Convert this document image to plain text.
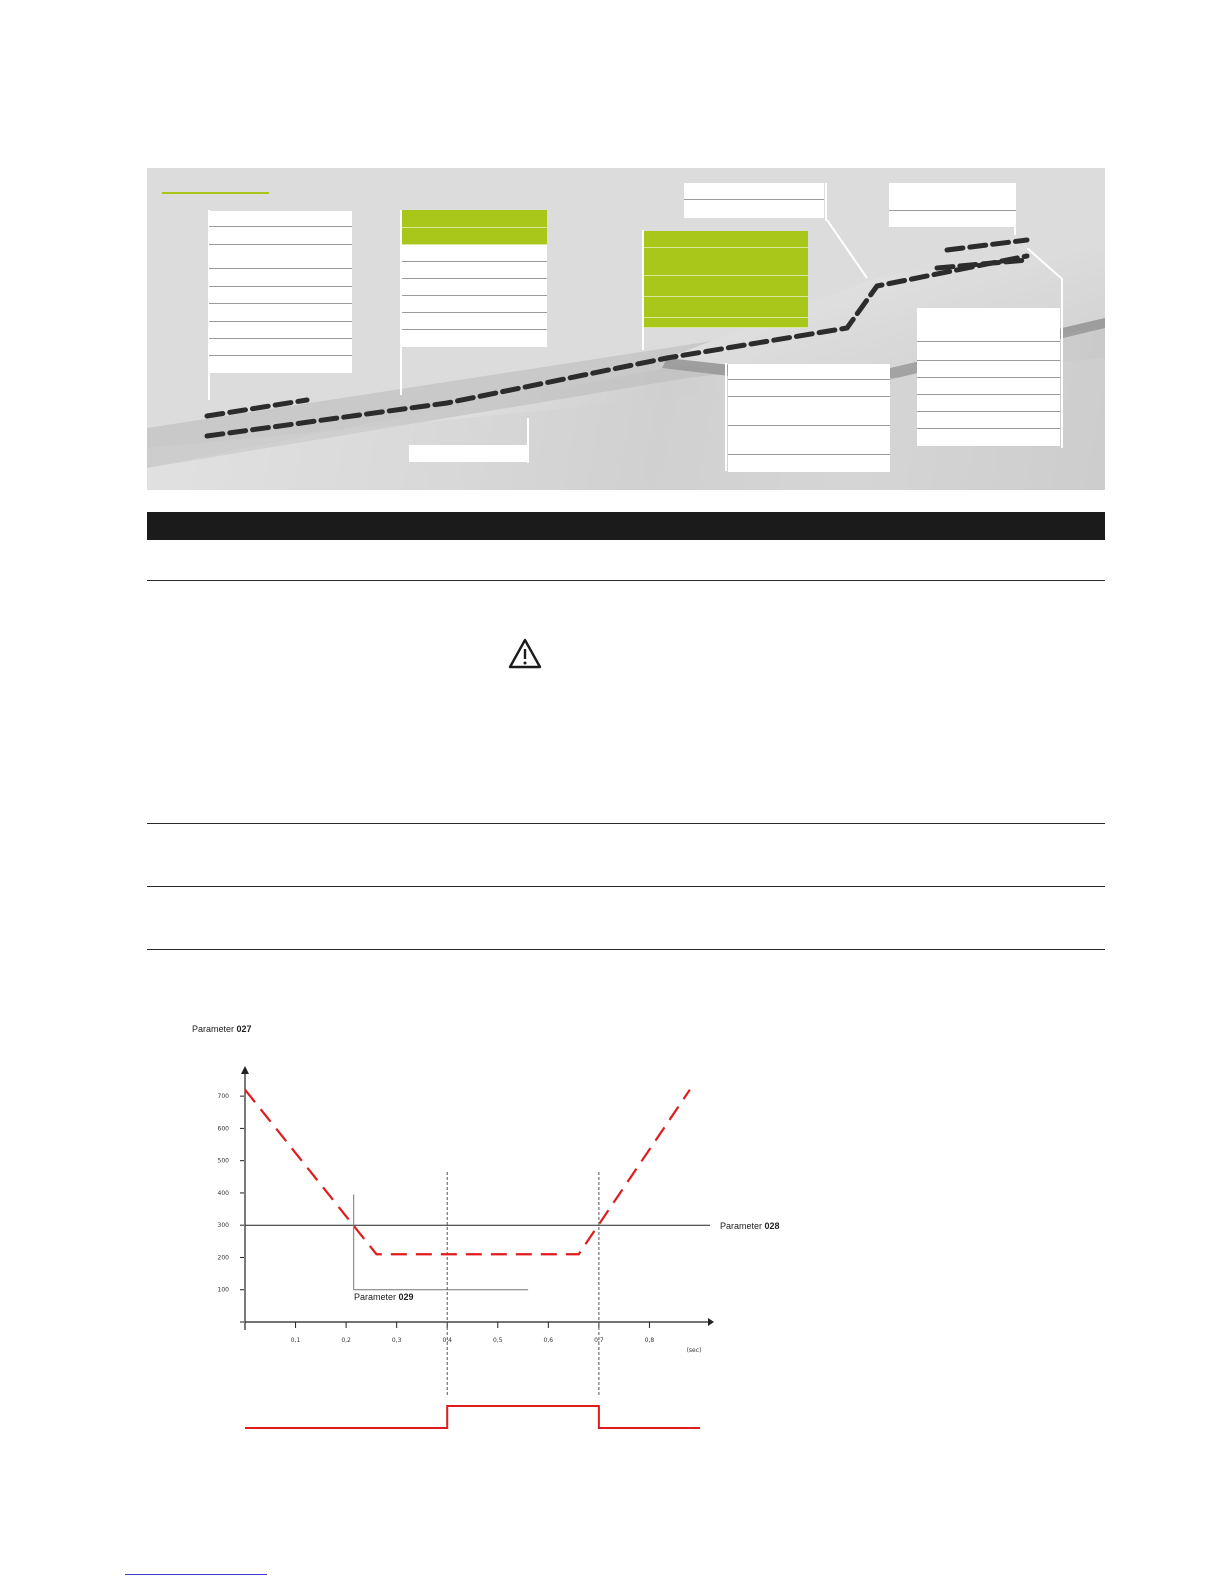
Parameter 027
Parameter 028
Parameter 029
100
200
300
400
500
600
700
0,1	0,2	0,3	0,4	0,5	0,6	0,7	0,8
(sec)
